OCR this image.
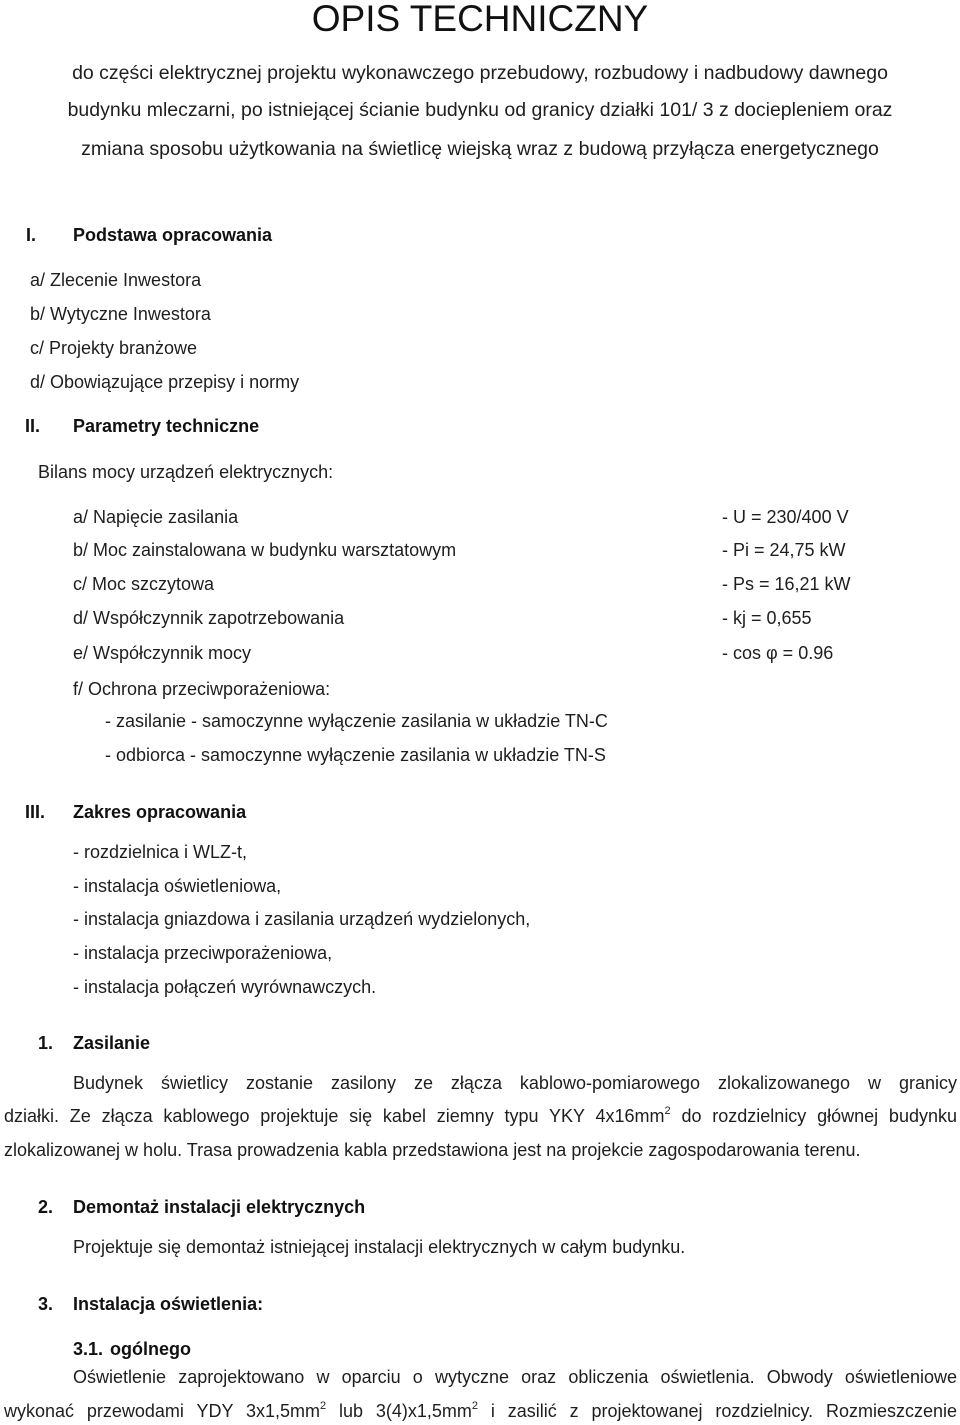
OPIS TECHNICZNY
do części elektrycznej projektu wykonawczego przebudowy, rozbudowy i nadbudowy dawnego
budynku mleczarni, po istniejącej ścianie budynku od granicy działki 101/ 3 z dociepleniem oraz
zmiana sposobu użytkowania na świetlicę wiejską wraz z budową przyłącza energetycznego
I. Podstawa opracowania
a/ Zlecenie Inwestora
b/ Wytyczne Inwestora
c/ Projekty branżowe
d/ Obowiązujące przepisy i normy
II. Parametry techniczne
Bilans mocy urządzeń elektrycznych:
a/ Napięcie zasilania	- U = 230/400 V
b/ Moc zainstalowana w budynku warsztatowym	- Pi = 24,75 kW
c/ Moc szczytowa	- Ps = 16,21 kW
d/ Współczynnik zapotrzebowania	- kj = 0,655
e/ Współczynnik mocy	- cos φ = 0.96
f/ Ochrona przeciwporażeniowa:
- zasilanie - samoczynne wyłączenie zasilania w układzie TN-C
- odbiorca - samoczynne wyłączenie zasilania w układzie TN-S
III. Zakres opracowania
- rozdzielnica i WLZ-t,
- instalacja oświetleniowa,
- instalacja gniazdowa i zasilania urządzeń wydzielonych,
- instalacja przeciwporażeniowa,
- instalacja połączeń wyrównawczych.
1. Zasilanie
Budynek świetlicy zostanie zasilony ze złącza kablowo-pomiarowego zlokalizowanego w granicy
działki. Ze złącza kablowego projektuje się kabel ziemny typu YKY $4x16mm^2$ do rozdzielnicy głównej budynku
zlokalizowanej w holu. Trasa prowadzenia kabla przedstawiona jest na projekcie zagospodarowania terenu.
2. Demontaż instalacji elektrycznych
Projektuje się demontaż istniejącej instalacji elektrycznych w całym budynku.
3. Instalacja oświetlenia:
3.1. ogólnego
Oświetlenie zaprojektowano w oparciu o wytyczne oraz obliczenia oświetlenia. Obwody oświetleniowe
wykonać przewodami YDY $3x1,5mm^2$ lub $3(4)x1,5mm^2$ i zasilić z projektowanej rozdzielnicy. Rozmieszczenie
